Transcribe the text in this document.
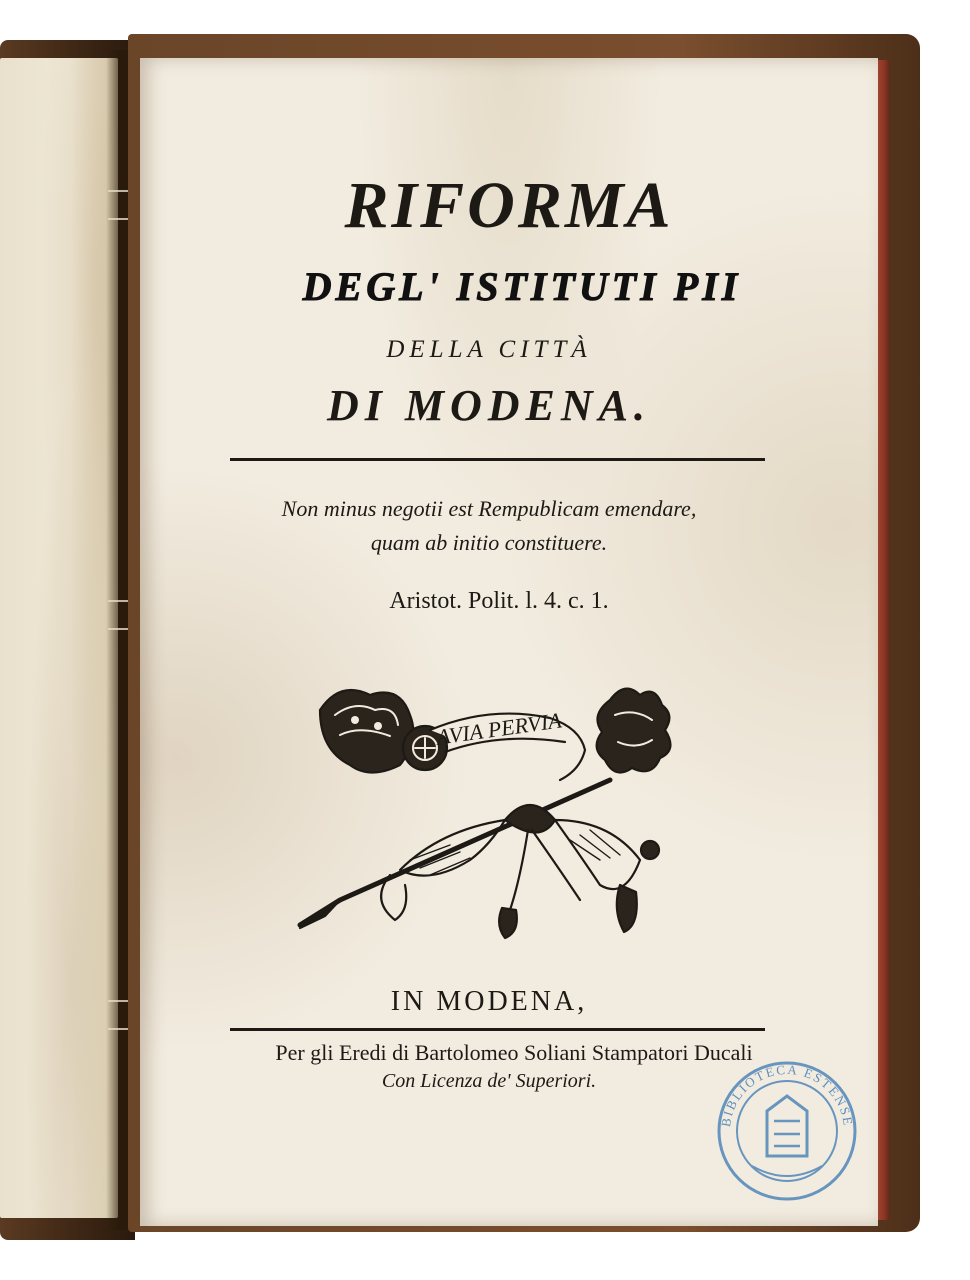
RIFORMA
DEGL' ISTITUTI PII
DELLA CITTÀ
DI MODENA.
Non minus negotii est Rempublicam emendare,
quam ab initio constituere.
Aristot. Polit. l. 4. c. 1.
AVIA PERVIA
IN MODENA,
Per gli Eredi di Bartolomeo Soliani Stampatori Ducali
Con Licenza de' Superiori.
BIBLIOTECA ESTENSE
